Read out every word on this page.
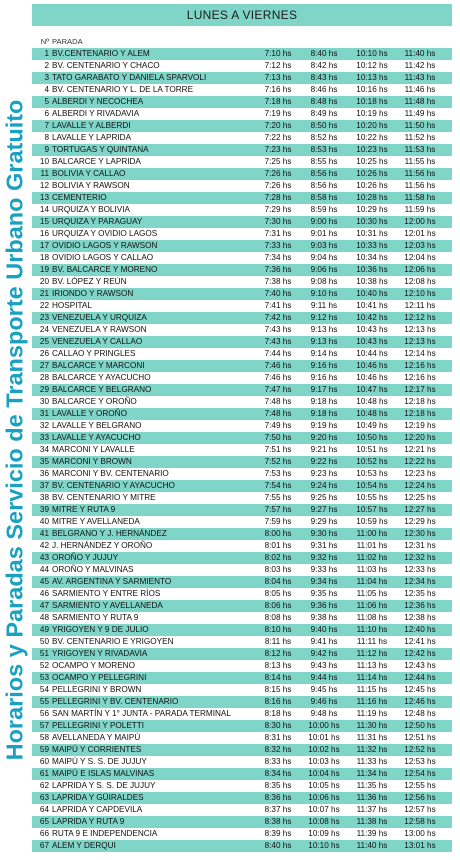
Horarios y Paradas Servicio de Transporte Urbano Gratuito
LUNES A VIERNES
Nº PARADA
1 BV.CENTENARIO Y ALEM	7:10 hs	8:40 hs	10:10 hs	11:40 hs
2 BV. CENTENARIO Y CHACO	7:12 hs	8:42 hs	10:12 hs	11:42 hs
3 TATO GARABATO Y DANIELA SPARVOLI	7:13 hs	8:43 hs	10:13 hs	11:43 hs
4 BV. CENTENARIO Y L. DE LA TORRE	7:16 hs	8:46 hs	10:16 hs	11:46 hs
5 ALBERDI Y NECOCHEA	7:18 hs	8:48 hs	10:18 hs	11:48 hs
6 ALBERDI Y RIVADAVIA	7:19 hs	8:49 hs	10:19 hs	11:49 hs
7 LAVALLE Y ALBERDI	7:20 hs	8:50 hs	10:20 hs	11:50 hs
8 LAVALLE Y LAPRIDA	7:22 hs	8:52 hs	10:22 hs	11:52 hs
9 TORTUGAS Y QUINTANA	7:23 hs	8:53 hs	10:23 hs	11:53 hs
10 BALCARCE Y LAPRIDA	7:25 hs	8:55 hs	10:25 hs	11:55 hs
11 BOLIVIA Y CALLAO	7:26 hs	8:56 hs	10:26 hs	11:56 hs
12 BOLIVIA Y RAWSON	7:26 hs	8:56 hs	10:26 hs	11:56 hs
13 CEMENTERIO	7:28 hs	8:58 hs	10:28 hs	11:58 hs
14 URQUIZA Y BOLIVIA	7:29 hs	8:59 hs	10:29 hs	11:59 hs
15 URQUIZA Y PARAGUAY	7:30 hs	9:00 hs	10:30 hs	12:00 hs
16 URQUIZA Y OVIDIO LAGOS	7:31 hs	9:01 hs	10:31 hs	12:01 hs
17 OVIDIO LAGOS Y RAWSON	7:33 hs	9:03 hs	10:33 hs	12:03 hs
18 OVIDIO LAGOS Y CALLAO	7:34 hs	9:04 hs	10:34 hs	12:04 hs
19 BV. BALCARCE Y MORENO	7:36 hs	9:06 hs	10:36 hs	12:06 hs
20 BV. LÓPEZ Y REÚN	7:38 hs	9:08 hs	10:38 hs	12:08 hs
21 IRIONDO Y RAWSON	7:40 hs	9:10 hs	10:40 hs	12:10 hs
22 HOSPITAL	7:41 hs	9:11 hs	10:41 hs	12:11 hs
23 VENEZUELA Y URQUIZA	7:42 hs	9:12 hs	10:42 hs	12:12 hs
24 VENEZUELA Y RAWSON	7:43 hs	9:13 hs	10:43 hs	12:13 hs
25 VENEZUELA Y CALLAO	7:43 hs	9:13 hs	10:43 hs	12:13 hs
26 CALLAO Y PRINGLES	7:44 hs	9:14 hs	10:44 hs	12:14 hs
27 BALCARCE Y MARCONI	7:46 hs	9:16 hs	10:46 hs	12:16 hs
28 BALCARCE Y AYACUCHO	7:46 hs	9:16 hs	10:46 hs	12:16 hs
29 BALCARCE Y BELGRANO	7:47 hs	9:17 hs	10:47 hs	12:17 hs
30 BALCARCE Y OROÑO	7:48 hs	9:18 hs	10:48 hs	12:18 hs
31 LAVALLE Y OROÑO	7:48 hs	9:18 hs	10:48 hs	12:18 hs
32 LAVALLE Y BELGRANO	7:49 hs	9:19 hs	10:49 hs	12:19 hs
33 LAVALLE Y AYACUCHO	7:50 hs	9:20 hs	10:50 hs	12:20 hs
34 MARCONI Y LAVALLE	7:51 hs	9:21 hs	10:51 hs	12:21 hs
35 MARCONI Y BROWN	7:52 hs	9:22 hs	10:52 hs	12:22 hs
36 MARCONI Y BV. CENTENARIO	7:53 hs	9:23 hs	10:53 hs	12:23 hs
37 BV. CENTENARIO Y AYACUCHO	7:54 hs	9:24 hs	10:54 hs	12:24 hs
38 BV. CENTENARIO Y MITRE	7:55 hs	9:25 hs	10:55 hs	12:25 hs
39 MITRE Y RUTA 9	7:57 hs	9:27 hs	10:57 hs	12:27 hs
40 MITRE Y AVELLANEDA	7:59 hs	9:29 hs	10:59 hs	12:29 hs
41 BELGRANO Y J. HERNÁNDEZ	8:00 hs	9:30 hs	11:00 hs	12:30 hs
42 J. HERNÁNDEZ Y OROÑO	8:01 hs	9:31 hs	11:01 hs	12:31 hs
43 OROÑO Y JUJUY	8:02 hs	9:32 hs	11:02 hs	12:32 hs
44 OROÑO Y MALVINAS	8:03 hs	9:33 hs	11:03 hs	12:33 hs
45 AV. ARGENTINA Y SARMIENTO	8:04 hs	9:34 hs	11:04 hs	12:34 hs
46 SARMIENTO Y ENTRE RÍOS	8:05 hs	9:35 hs	11:05 hs	12:35 hs
47 SARMIENTO Y AVELLANEDA	8:06 hs	9:36 hs	11:06 hs	12:36 hs
48 SARMIENTO Y RUTA 9	8:08 hs	9:38 hs	11:08 hs	12:38 hs
49 YRIGOYEN Y 9 DE JULIO	8:10 hs	9:40 hs	11:10 hs	12:40 hs
50 BV. CENTENARIO E YRIGOYEN	8:11 hs	9:41 hs	11:11 hs	12:41 hs
51 YRIGOYEN Y RIVADAVIA	8:12 hs	9:42 hs	11:12 hs	12:42 hs
52 OCAMPO Y MORENO	8:13 hs	9:43 hs	11:13 hs	12:43 hs
53 OCAMPO Y PELLEGRINI	8:14 hs	9:44 hs	11:14 hs	12:44 hs
54 PELLEGRINI Y BROWN	8:15 hs	9:45 hs	11:15 hs	12:45 hs
55 PELLEGRINI Y BV. CENTENARIO	8:16 hs	9:46 hs	11:16 hs	12:46 hs
56 SAN MARTÍN Y 1° JUNTA - PARADA TERMINAL	8:18 hs	9:48 hs	11:19 hs	12:48 hs
57 PELLEGRINI Y POLETTI	8:30 hs	10:00 hs	11:30 hs	12:50 hs
58 AVELLANEDA Y MAIPÚ	8:31 hs	10:01 hs	11:31 hs	12:51 hs
59 MAIPÚ Y CORRIENTES	8:32 hs	10:02 hs	11:32 hs	12:52 hs
60 MAIPÚ Y S. S. DE JUJUY	8:33 hs	10:03 hs	11:33 hs	12:53 hs
61 MAIPÚ E ISLAS MALVINAS	8:34 hs	10:04 hs	11:34 hs	12:54 hs
62 LAPRIDA Y S. S. DE JUJUY	8:35 hs	10:05 hs	11:35 hs	12:55 hs
63 LAPRIDA Y GÜIRALDES	8:36 hs	10:06 hs	11:36 hs	12:56 hs
64 LAPRIDA Y CAPDEVILA	8:37 hs	10:07 hs	11:37 hs	12:57 hs
65 LAPRIDA Y RUTA 9	8:38 hs	10:08 hs	11:38 hs	12:58 hs
66 RUTA 9 E INDEPENDENCIA	8:39 hs	10:09 hs	11:39 hs	13:00 hs
67 ALEM Y DERQUI	8:40 hs	10:10 hs	11:40 hs	13:01 hs
